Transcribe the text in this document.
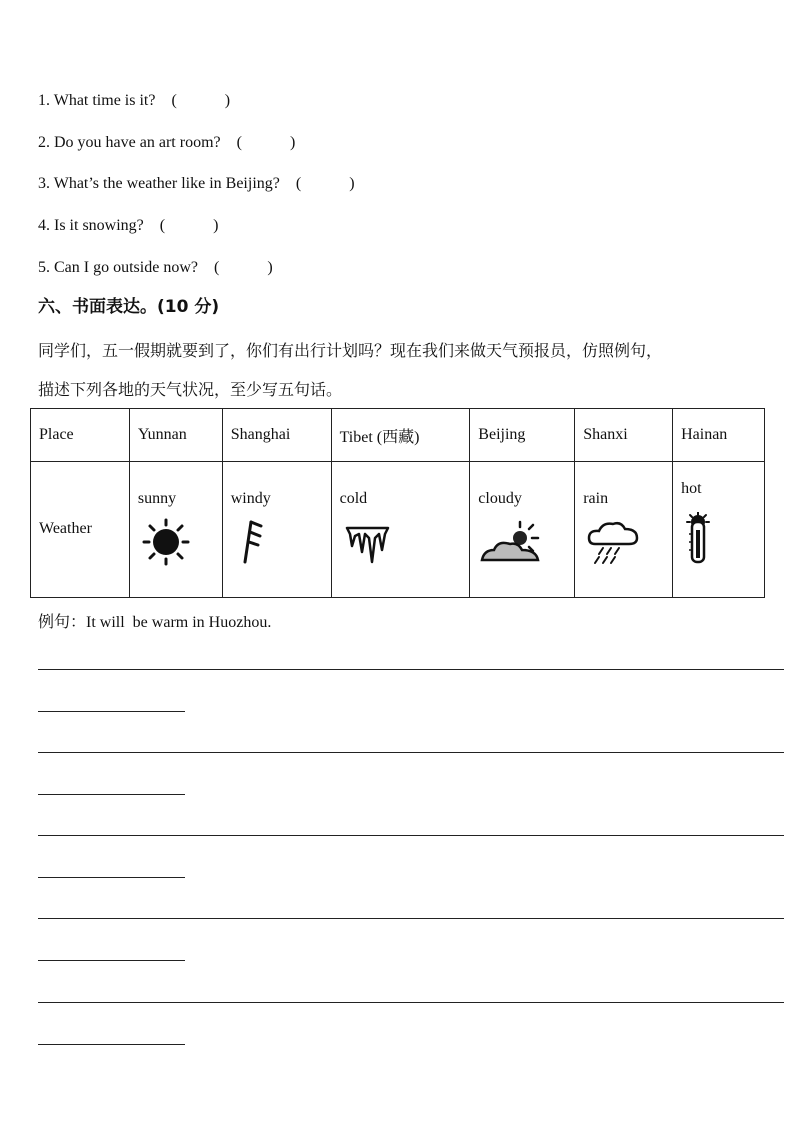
1. What time is it? (　　　)
2. Do you have an art room? (　　　)
3. What’s the weather like in Beijing? (　　　)
4. Is it snowing? (　　　)
5. Can I go outside now? (　　　)
六、书面表达。(10 分)
同学们，五一假期就要到了，你们有出行计划吗？现在我们来做天气预报员，仿照例句，
描述下列各地的天气状况，至少写五句话。
Place	Yunnan	Shanghai	Tibet (西藏)	Beijing	Shanxi	Hainan

Weather	sunny	windy	cold	cloudy	rain	hot
例句：It will  be warm in Huozhou.
